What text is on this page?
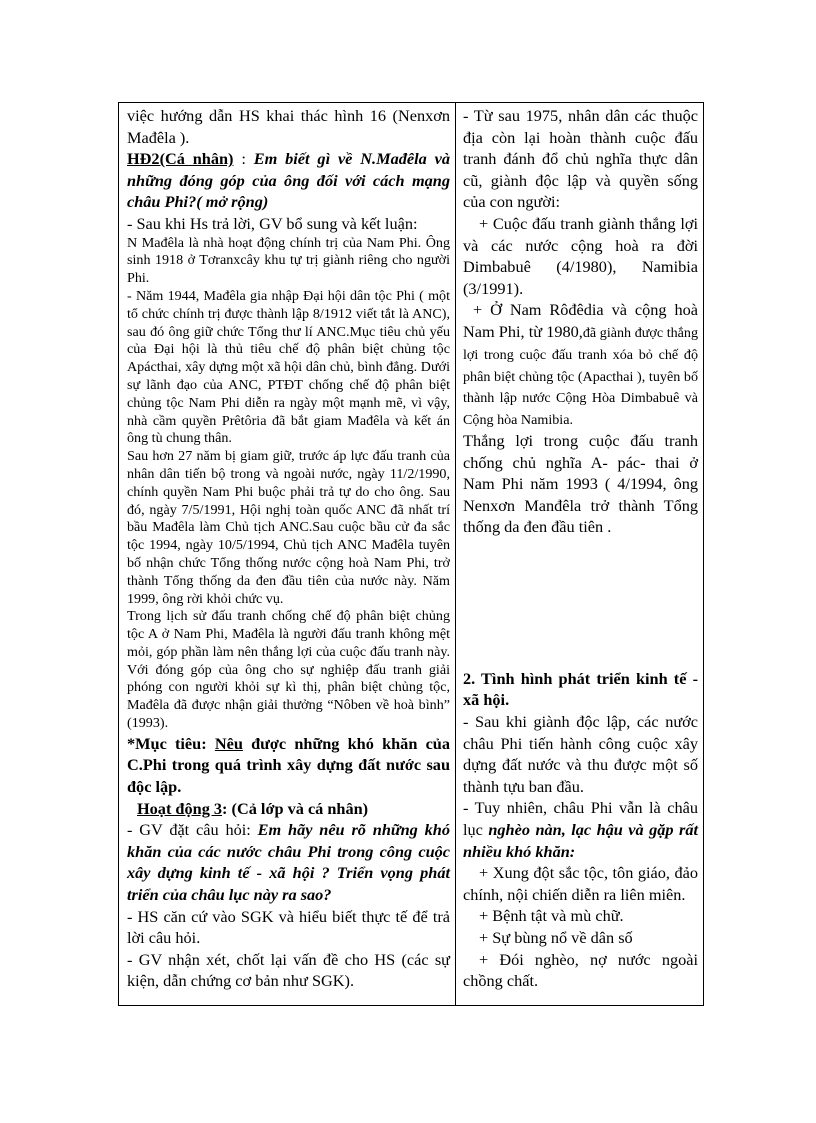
việc hướng dẫn HS khai thác hình 16 (Nenxơn Mađêla ).

HĐ2(Cá nhân) : Em biết gì về N.Mađêla và những đóng góp của ông đối với cách mạng châu Phi?( mở rộng)

- Sau khi Hs trả lời, GV bổ sung và kết luận:

N Mađêla là nhà hoạt động chính trị của Nam Phi. Ông sinh 1918 ở Tơranxcây khu tự trị giành riêng cho người Phi.

- Năm 1944, Mađêla gia nhập Đại hội dân tộc Phi ( một tổ chức chính trị được thành lập 8/1912 viết tắt là ANC), sau đó ông giữ chức Tổng thư lí ANC.Mục tiêu chủ yếu của Đại hội là thủ tiêu chế độ phân biệt chủng tộc Apácthai, xây dựng một xã hội dân chủ, bình đẳng. Dưới sự lãnh đạo của ANC, PTĐT chống chế độ phân biệt chủng tộc Nam Phi diễn ra ngày một mạnh mẽ, vì vậy, nhà cầm quyền Prêtôria đã bắt giam Mađêla và kết án ông tù chung thân.

Sau hơn 27 năm bị giam giữ, trước áp lực đấu tranh của nhân dân tiến bộ trong và ngoài nước, ngày 11/2/1990, chính quyền Nam Phi buộc phải trả tự do cho ông. Sau đó, ngày 7/5/1991, Hội nghị toàn quốc ANC đã nhất trí bầu Mađêla làm Chủ tịch ANC.Sau cuộc bầu cử đa sắc tộc 1994, ngày 10/5/1994, Chủ tịch ANC Mađêla tuyên bố nhận chức Tổng thống nước cộng hoà Nam Phi, trở thành Tổng thống da đen đầu tiên của nước này. Năm 1999, ông rời khỏi chức vụ.

Trong lịch sử đấu tranh chống chế độ phân biệt chủng tộc A ở Nam Phi, Mađêla là người đấu tranh không mệt mỏi, góp phần làm nên thắng lợi của cuộc đấu tranh này. Với đóng góp của ông cho sự nghiệp đấu tranh giải phóng con người khỏi sự kì thị, phân biệt chủng tộc, Mađêla đã được nhận giải thưởng “Nôben về hoà bình” (1993).

*Mục tiêu: Nêu được những khó khăn của C.Phi trong quá trình xây dựng đất nước sau độc lập.

Hoạt động 3: (Cả lớp và cá nhân)

- GV đặt câu hỏi: Em hãy nêu rõ những khó khăn của các nước châu Phi trong công cuộc xây dựng kinh tế - xã hội ? Triển vọng phát triển của châu lục này ra sao?

- HS căn cứ vào SGK và hiểu biết thực tế để trả lời câu hỏi.

- GV nhận xét, chốt lại vấn đề cho HS (các sự kiện, dẫn chứng cơ bản như SGK).

- Từ sau 1975, nhân dân các thuộc địa còn lại hoàn thành cuộc đấu tranh đánh đổ chủ nghĩa thực dân cũ, giành độc lập và quyền sống của con người:

+ Cuộc đấu tranh giành thắng lợi và các nước cộng hoà ra đời Dimbabuê (4/1980), Namibia (3/1991).

+ Ở Nam Rôđêdia và cộng hoà Nam Phi, từ 1980,đã giành được thắng lợi trong cuộc đấu tranh xóa bỏ chế độ phân biệt chủng tộc (Apacthai ), tuyên bố thành lập nước Cộng Hòa Dimbabuê và Cộng hòa Namibia.

Thắng lợi trong cuộc đấu tranh chống chủ nghĩa A- pác- thai ở Nam Phi năm 1993 ( 4/1994, ông Nenxơn Manđêla trở thành Tổng thống da đen đầu tiên .

2. Tình hình phát triển kinh tế - xã hội.

- Sau khi giành độc lập, các nước châu Phi tiến hành công cuộc xây dựng đất nước và thu được một số thành tựu ban đầu.

- Tuy nhiên, châu Phi vẫn là châu lục nghèo nàn, lạc hậu và gặp rất nhiều khó khăn:

+ Xung đột sắc tộc, tôn giáo, đảo chính, nội chiến diễn ra liên miên.

+ Bệnh tật và mù chữ.

+ Sự bùng nổ về dân số

+ Đói nghèo, nợ nước ngoài chồng chất.
